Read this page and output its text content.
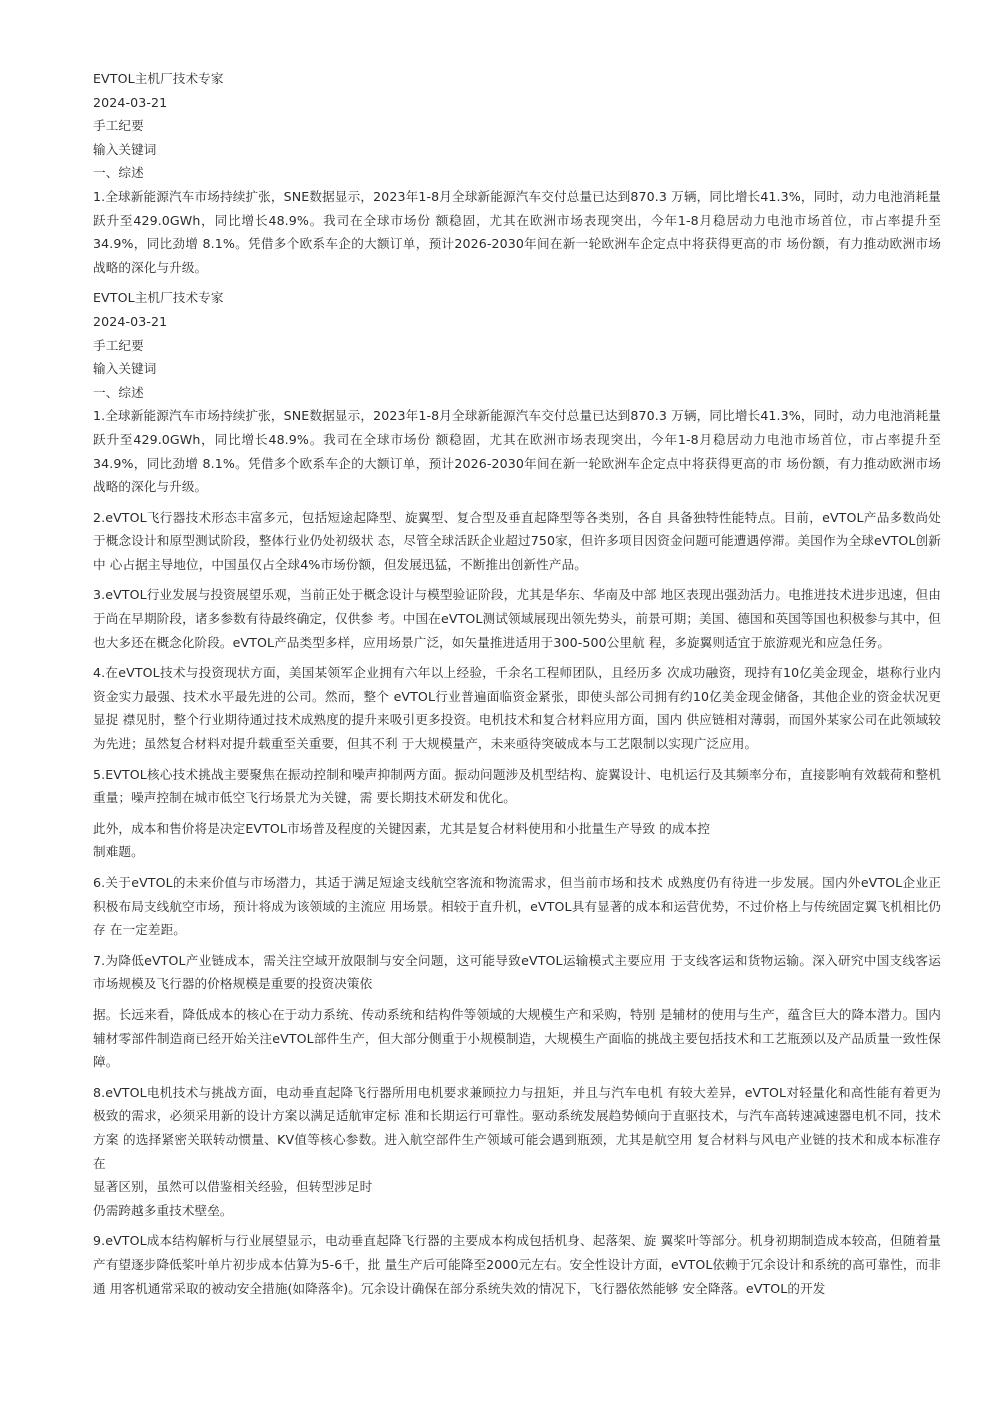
EVTOL主机厂技术专家
2024-03-21
手工纪要
输入关键词
一、综述

1.全球新能源汽车市场持续扩张，SNE数据显示，2023年1-8月全球新能源汽车交付总量已达到870.3 万辆，同比增长41.3%，同时，动力电池消耗量跃升至429.0GWh，同比增长48.9%。我司在全球市场份 额稳固，尤其在欧洲市场表现突出，今年1-8月稳居动力电池市场首位，市占率提升至34.9%，同比劲增 8.1%。凭借多个欧系车企的大额订单，预计2026-2030年间在新一轮欧洲车企定点中将获得更高的市 场份额，有力推动欧洲市场战略的深化与升级。

EVTOL主机厂技术专家
2024-03-21
手工纪要
输入关键词
一、综述

1.全球新能源汽车市场持续扩张，SNE数据显示，2023年1-8月全球新能源汽车交付总量已达到870.3 万辆，同比增长41.3%，同时，动力电池消耗量跃升至429.0GWh，同比增长48.9%。我司在全球市场份 额稳固，尤其在欧洲市场表现突出，今年1-8月稳居动力电池市场首位，市占率提升至34.9%，同比劲增 8.1%。凭借多个欧系车企的大额订单，预计2026-2030年间在新一轮欧洲车企定点中将获得更高的市 场份额，有力推动欧洲市场战略的深化与升级。

2.eVTOL飞行器技术形态丰富多元，包括短途起降型、旋翼型、复合型及垂直起降型等各类别，各自 具备独特性能特点。目前，eVTOL产品多数尚处于概念设计和原型测试阶段，整体行业仍处初级状 态，尽管全球活跃企业超过750家，但许多项目因资金问题可能遭遇停滞。美国作为全球eVTOL创新中 心占据主导地位，中国虽仅占全球4%市场份额，但发展迅猛，不断推出创新性产品。

3.eVTOL行业发展与投资展望乐观，当前正处于概念设计与模型验证阶段，尤其是华东、华南及中部 地区表现出强劲活力。电推进技术进步迅速，但由于尚在早期阶段，诸多参数有待最终确定，仅供参 考。中国在eVTOL测试领域展现出领先势头，前景可期；美国、德国和英国等国也积极参与其中，但 也大多还在概念化阶段。eVTOL产品类型多样，应用场景广泛，如矢量推进适用于300-500公里航 程，多旋翼则适宜于旅游观光和应急任务。

4.在eVTOL技术与投资现状方面，美国某领军企业拥有六年以上经验，千余名工程师团队，且经历多 次成功融资，现持有10亿美金现金，堪称行业内资金实力最强、技术水平最先进的公司。然而，整个 eVTOL行业普遍面临资金紧张，即使头部公司拥有约10亿美金现金储备，其他企业的资金状况更显捉 襟见肘，整个行业期待通过技术成熟度的提升来吸引更多投资。电机技术和复合材料应用方面，国内 供应链相对薄弱，而国外某家公司在此领域较为先进；虽然复合材料对提升载重至关重要，但其不利 于大规模量产，未来亟待突破成本与工艺限制以实现广泛应用。

5.EVTOL核心技术挑战主要聚焦在振动控制和噪声抑制两方面。振动问题涉及机型结构、旋翼设计、电机运行及其频率分布，直接影响有效载荷和整机重量；噪声控制在城市低空飞行场景尤为关键，需 要长期技术研发和优化。

此外，成本和售价将是决定EVTOL市场普及程度的关键因素，尤其是复合材料使用和小批量生产导致 的成本控
制难题。

6.关于eVTOL的未来价值与市场潜力，其适于满足短途支线航空客流和物流需求，但当前市场和技术 成熟度仍有待进一步发展。国内外eVTOL企业正积极布局支线航空市场，预计将成为该领域的主流应 用场景。相较于直升机，eVTOL具有显著的成本和运营优势，不过价格上与传统固定翼飞机相比仍存 在一定差距。

7.为降低eVTOL产业链成本，需关注空域开放限制与安全问题，这可能导致eVTOL运输模式主要应用 于支线客运和货物运输。深入研究中国支线客运市场规模及飞行器的价格规模是重要的投资决策依

据。长远来看，降低成本的核心在于动力系统、传动系统和结构件等领域的大规模生产和采购，特别 是辅材的使用与生产，蕴含巨大的降本潜力。国内辅材零部件制造商已经开始关注eVTOL部件生产，但大部分侧重于小规模制造，大规模生产面临的挑战主要包括技术和工艺瓶颈以及产品质量一致性保 障。

8.eVTOL电机技术与挑战方面，电动垂直起降飞行器所用电机要求兼顾拉力与扭矩，并且与汽车电机 有较大差异，eVTOL对轻量化和高性能有着更为极致的需求，必须采用新的设计方案以满足适航审定标 准和长期运行可靠性。驱动系统发展趋势倾向于直驱技术，与汽车高转速减速器电机不同，技术方案 的选择紧密关联转动惯量、KV值等核心参数。进入航空部件生产领域可能会遇到瓶颈，尤其是航空用 复合材料与风电产业链的技术和成本标准存在
显著区别，虽然可以借鉴相关经验，但转型涉足时
仍需跨越多重技术壁垒。

9.eVTOL成本结构解析与行业展望显示，电动垂直起降飞行器的主要成本构成包括机身、起落架、旋 翼桨叶等部分。机身初期制造成本较高，但随着量产有望逐步降低桨叶单片初步成本估算为5-6千，批 量生产后可能降至2000元左右。安全性设计方面，eVTOL依赖于冗余设计和系统的高可靠性，而非通 用客机通常采取的被动安全措施(如降落伞)。冗余设计确保在部分系统失效的情况下，飞行器依然能够 安全降落。eVTOL的开发
